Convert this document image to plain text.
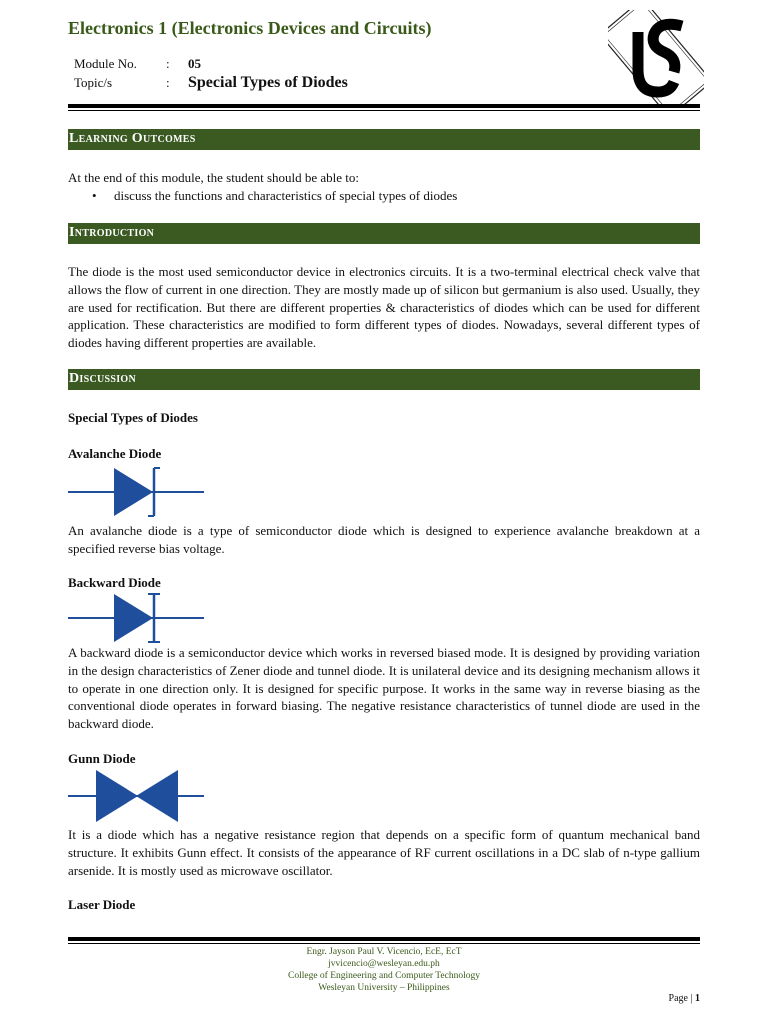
Electronics 1 (Electronics Devices and Circuits)
Module No. : 05
Topic/s	: Special Types of Diodes
Learning Outcomes

At the end of this module, the student should be able to:

• discuss the functions and characteristics of special types of diodes
Introduction

The diode is the most used semiconductor device in electronics circuits. It is a two-terminal electrical check valve that allows the flow of current in one direction. They are mostly made up of silicon but germanium is also used. Usually, they are used for rectification. But there are different properties & characteristics of diodes which can be used for different application. These characteristics are modified to form different types of diodes. Nowadays, several different types of diodes having different properties are available.

Discussion
Special Types of Diodes
Avalanche Diode

An avalanche diode is a type of semiconductor diode which is designed to experience avalanche breakdown at a specified reverse bias voltage.

Backward Diode

A backward diode is a semiconductor device which works in reversed biased mode. It is designed by providing variation in the design characteristics of Zener diode and tunnel diode. It is unilateral device and its designing mechanism allows it to operate in one direction only. It is designed for specific purpose. It works in the same way in reverse biasing as the conventional diode operates in forward biasing. The negative resistance characteristics of tunnel diode are used in the backward diode.

Gunn Diode

It is a diode which has a negative resistance region that depends on a specific form of quantum mechanical band structure. It exhibits Gunn effect. It consists of the appearance of RF current oscillations in a DC slab of n-type gallium arsenide. It is mostly used as microwave oscillator.

Laser Diode
Engr. Jayson Paul V. Vicencio, EcE, EcT
jvvicencio@wesleyan.edu.ph
College of Engineering and Computer Technology
Wesleyan University – Philippines
Page | 1
